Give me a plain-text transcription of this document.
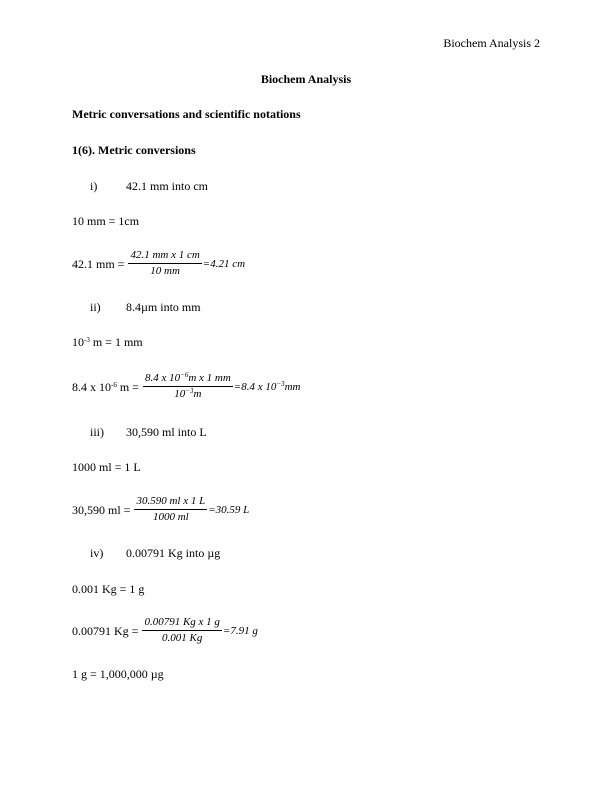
Biochem Analysis 2
Biochem Analysis
Metric conversations and scientific notations
1(6). Metric conversions
i) 42.1 mm into cm
10 mm = 1cm
42.1 mm = $\frac{\text{42.1 mm x 1 cm}}{10 mm} =4.21$ cm
ii) 8.4µm into mm
$10^{-3}$ m = 1 mm
8.4 x $10^{-6}$ $m = \frac{8.4 x 10^{-6}m x 1 mm}{10^{-3}m} =8.4$ x $10^{-3}mm$
iii) 30,590 ml into L
1000 ml = 1 L
30,590 ml = $\frac{\text{30.590 ml x 1 L}}{1000 ml} =30.59$ L
iv) 0.00791 Kg into µg
0.001 Kg = 1 g
0.00791 $Kg = \frac{\text{0.00791 Kg x 1 g}}{0.001 Kg} =7.91$ g
1 g = 1,000,000 µg
